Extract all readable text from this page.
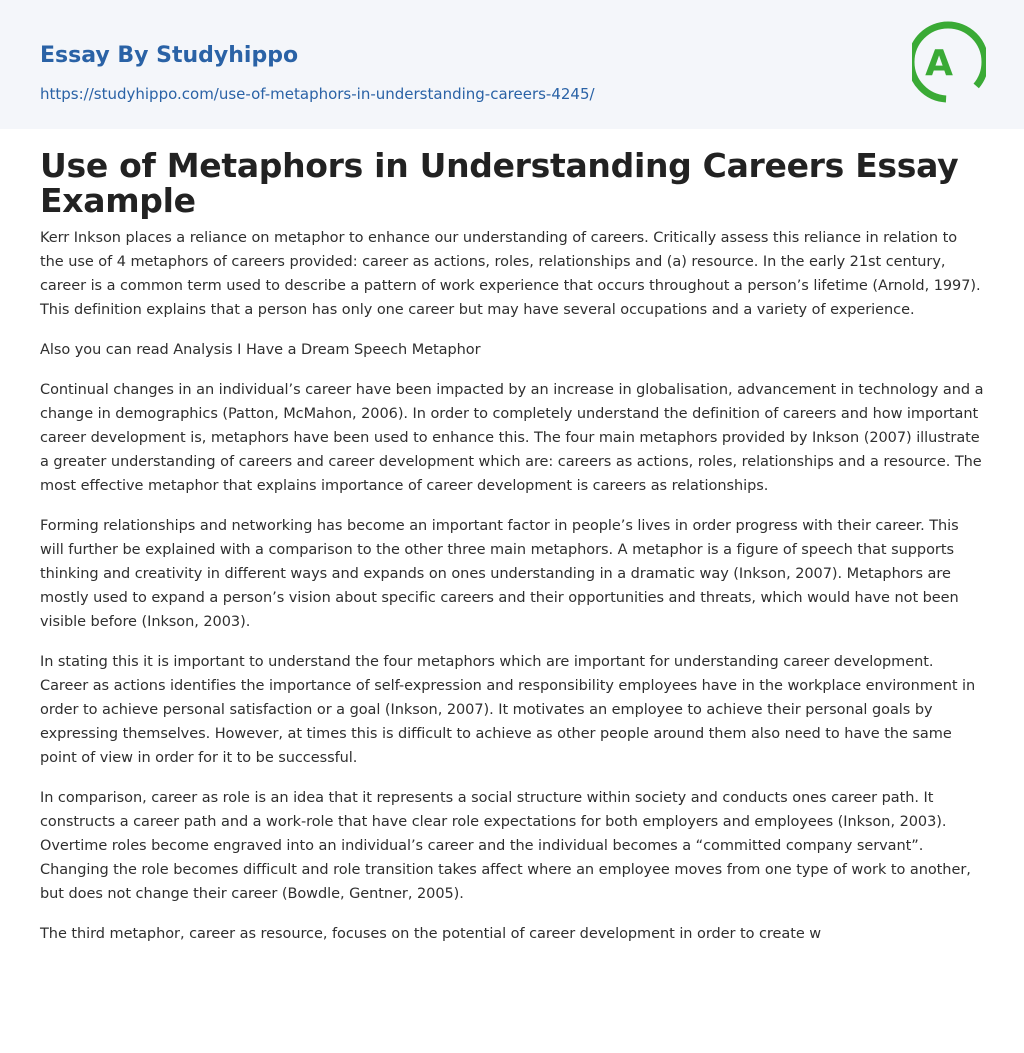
Essay By Studyhippo
https://studyhippo.com/use-of-metaphors-in-understanding-careers-4245/
A
Use of Metaphors in Understanding Careers Essay Example

Kerr Inkson places a reliance on metaphor to enhance our understanding of careers. Critically assess this reliance in relation to the use of 4 metaphors of careers provided: career as actions, roles, relationships and (a) resource. In the early 21st century, career is a common term used to describe a pattern of work experience that occurs throughout a person’s lifetime (Arnold, 1997). This definition explains that a person has only one career but may have several occupations and a variety of experience.

Also you can read Analysis I Have a Dream Speech Metaphor

Continual changes in an individual’s career have been impacted by an increase in globalisation, advancement in technology and a change in demographics (Patton, McMahon, 2006). In order to completely understand the definition of careers and how important career development is, metaphors have been used to enhance this. The four main metaphors provided by Inkson (2007) illustrate a greater understanding of careers and career development which are: careers as actions, roles, relationships and a resource. The most effective metaphor that explains importance of career development is careers as relationships.

Forming relationships and networking has become an important factor in people’s lives in order progress with their career. This will further be explained with a comparison to the other three main metaphors. A metaphor is a figure of speech that supports thinking and creativity in different ways and expands on ones understanding in a dramatic way (Inkson, 2007). Metaphors are mostly used to expand a person’s vision about specific careers and their opportunities and threats, which would have not been visible before (Inkson, 2003).

In stating this it is important to understand the four metaphors which are important for understanding career development. Career as actions identifies the importance of self-expression and responsibility employees have in the workplace environment in order to achieve personal satisfaction or a goal (Inkson, 2007). It motivates an employee to achieve their personal goals by expressing themselves. However, at times this is difficult to achieve as other people around them also need to have the same point of view in order for it to be successful.

In comparison, career as role is an idea that it represents a social structure within society and conducts ones career path. It constructs a career path and a work-role that have clear role expectations for both employers and employees (Inkson, 2003). Overtime roles become engraved into an individual’s career and the individual becomes a “committed company servant”. Changing the role becomes difficult and role transition takes affect where an employee moves from one type of work to another, but does not change their career (Bowdle, Gentner, 2005).

The third metaphor, career as resource, focuses on the potential of career development in order to create w
